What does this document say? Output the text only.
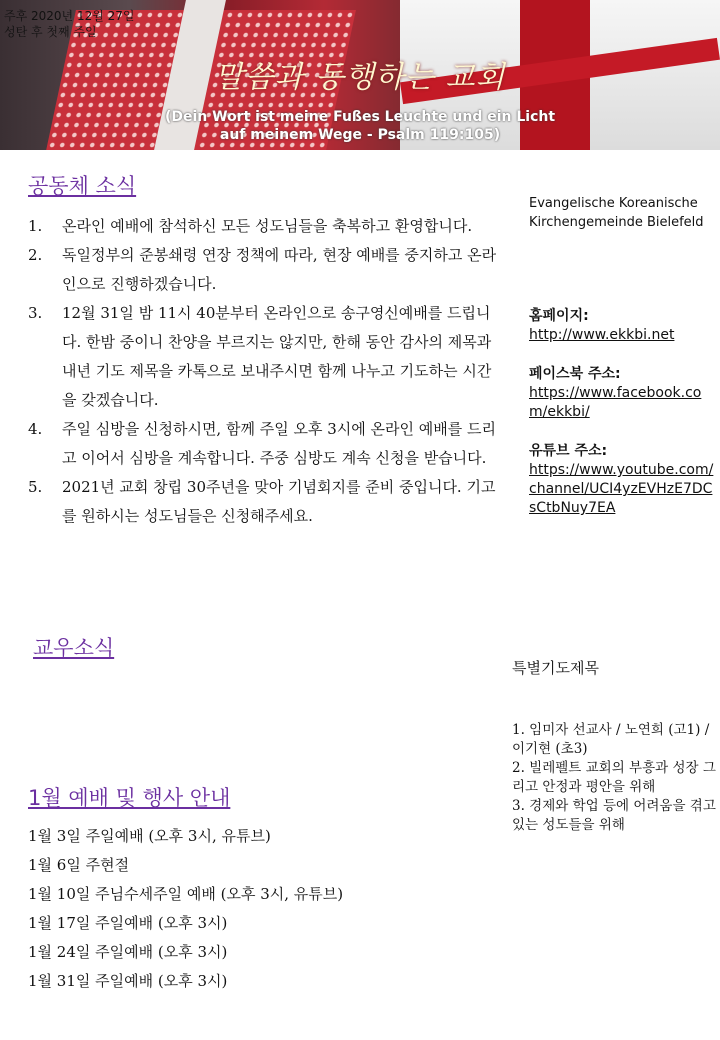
주후 2020년 12월 27일
성탄 후 첫째 주일
말씀과 동행하는 교회
(Dein Wort ist meine Fußes Leuchte und ein Licht auf meinem Wege - Psalm 119:105)
공동체 소식
1. 온라인 예배에 참석하신 모든 성도님들을 축복하고 환영합니다.
2. 독일정부의 준봉쇄령 연장 정책에 따라, 현장 예배를 중지하고 온라인으로 진행하겠습니다.
3. 12월 31일 밤 11시 40분부터 온라인으로 송구영신예배를 드립니다. 한밤 중이니 찬양을 부르지는 않지만, 한해 동안 감사의 제목과 내년 기도 제목을 카톡으로 보내주시면 함께 나누고 기도하는 시간을 갖겠습니다.
4. 주일 심방을 신청하시면, 함께 주일 오후 3시에 온라인 예배를 드리고 이어서 심방을 계속합니다. 주중 심방도 계속 신청을 받습니다.
5. 2021년 교회 창립 30주년을 맞아 기념회지를 준비 중입니다. 기고를 원하시는 성도님들은 신청해주세요.
교우소식
1월 예배 및 행사 안내
1월 3일 주일예배 (오후 3시, 유튜브)
1월 6일 주현절
1월 10일 주님수세주일 예배 (오후 3시, 유튜브)
1월 17일 주일예배 (오후 3시)
1월 24일 주일예배 (오후 3시)
1월 31일 주일예배 (오후 3시)
Evangelische Koreanische
Kirchengemeinde Bielefeld
홈페이지:
http://www.ekkbi.net
페이스북 주소:
https://www.facebook.com/ekkbi/
유튜브 주소:
https://www.youtube.com/channel/UCI4yzEVHzE7DCsCtbNuy7EA
특별기도제목
1. 임미자 선교사 / 노연희 (고1) / 이기현 (초3)
2. 빌레펠트 교회의 부흥과 성장 그리고 안정과 평안을 위해
3. 경제와 학업 등에 어려움을 겪고 있는 성도들을 위해
